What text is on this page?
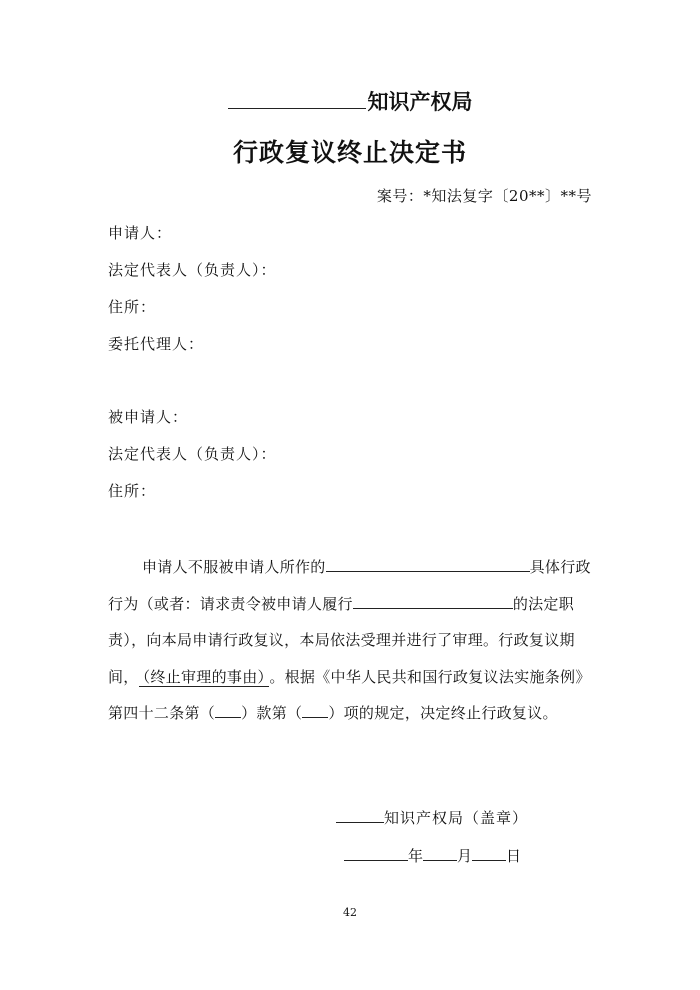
知识产权局
行政复议终止决定书
案号：*知法复字〔20**〕**号
申请人：
法定代表人（负责人）：
住所：
委托代理人：
被申请人：
法定代表人（负责人）：
住所：
申请人不服被申请人所作的	具体行政行为（或者：请求责令被申请人履行	的法定职责），向本局申请行政复议，本局依法受理并进行了审理。行政复议期间， （终止审理的事由） 。根据《中华人民共和国行政复议法实施条例》第四十二条第（ ）款第（ ）项的规定，决定终止行政复议。
知识产权局（盖章）
年 月 日
42
